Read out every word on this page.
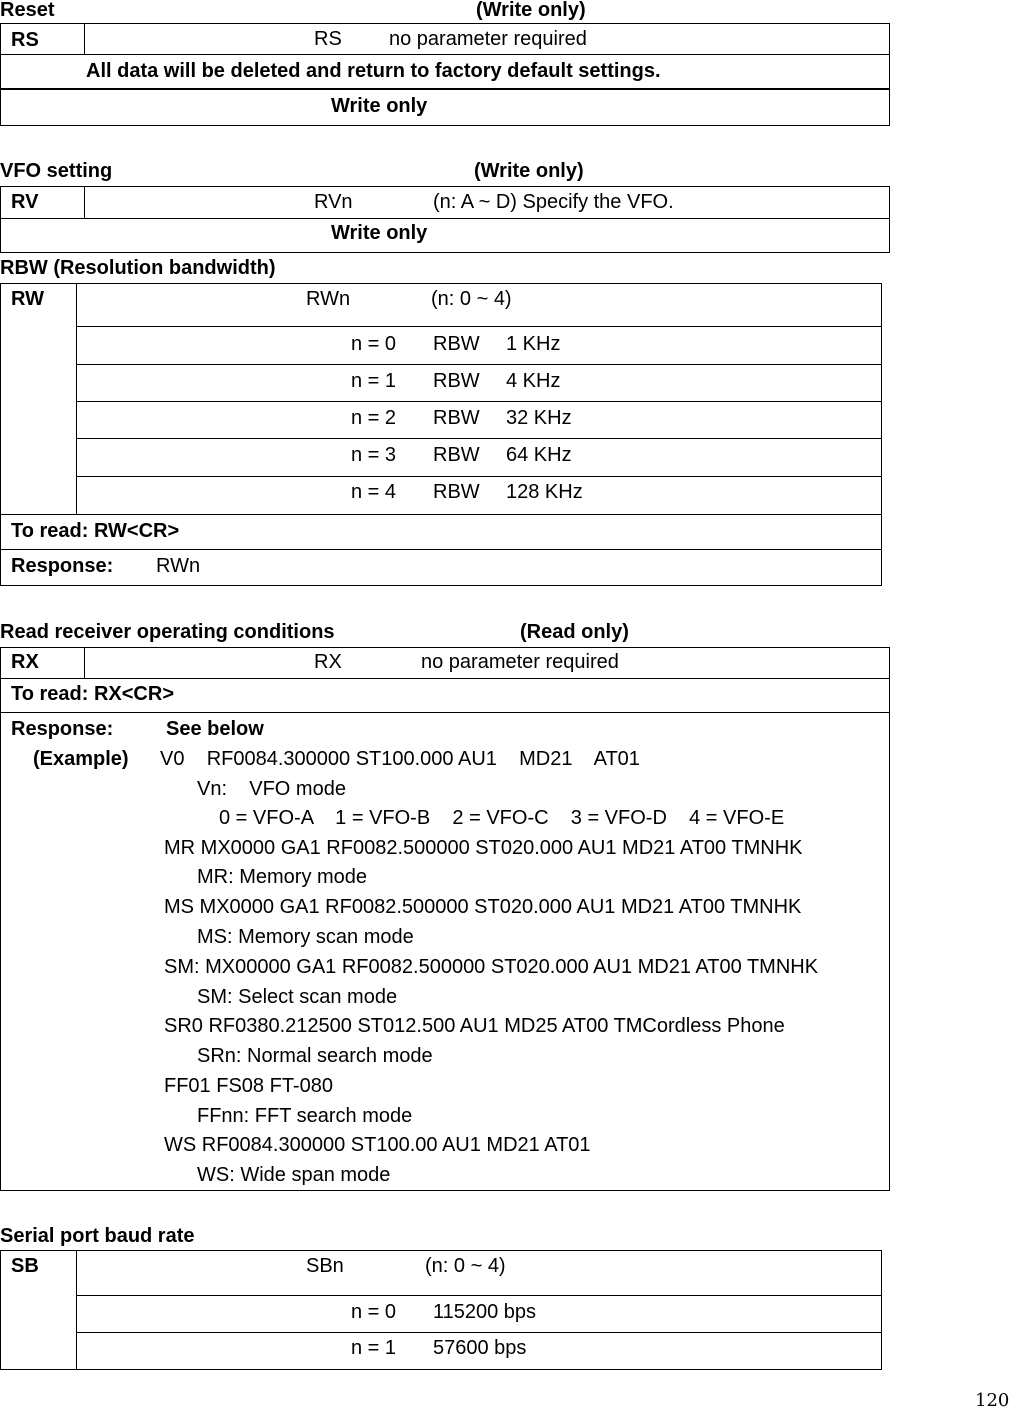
Reset	(Write only)
RS	RS no parameter required
All data will be deleted and return to factory default settings.
Write only
VFO setting	(Write only)
RV	RVn	(n: A ~ D) Specify the VFO.
Write only
RBW (Resolution bandwidth)
RW	RWn	(n: 0 ~ 4)
n = 0 RBW 1 KHz
n = 1 RBW 4 KHz
n = 2 RBW 32 KHz
n = 3 RBW 64 KHz
n = 4 RBW 128 KHz
To read: RW<CR>
Response: RWn
Read receiver operating conditions	(Read only)
RX	RX	no parameter required
To read: RX<CR>
Response:	See below
(Example) V0    RF0084.300000 ST100.000 AU1    MD21    AT01
Vn:    VFO mode
0 = VFO-A    1 = VFO-B    2 = VFO-C    3 = VFO-D    4 = VFO-E
MR MX0000 GA1 RF0082.500000 ST020.000 AU1 MD21 AT00 TMNHK
MR: Memory mode
MS MX0000 GA1 RF0082.500000 ST020.000 AU1 MD21 AT00 TMNHK
MS: Memory scan mode
SM: MX00000 GA1 RF0082.500000 ST020.000 AU1 MD21 AT00 TMNHK
SM: Select scan mode
SR0 RF0380.212500 ST012.500 AU1 MD25 AT00 TMCordless Phone
SRn: Normal search mode
FF01 FS08 FT-080
FFnn: FFT search mode
WS RF0084.300000 ST100.00 AU1 MD21 AT01
WS: Wide span mode
Serial port baud rate
SB	SBn	(n: 0 ~ 4)
n = 0 115200 bps
n = 1 57600 bps
120
